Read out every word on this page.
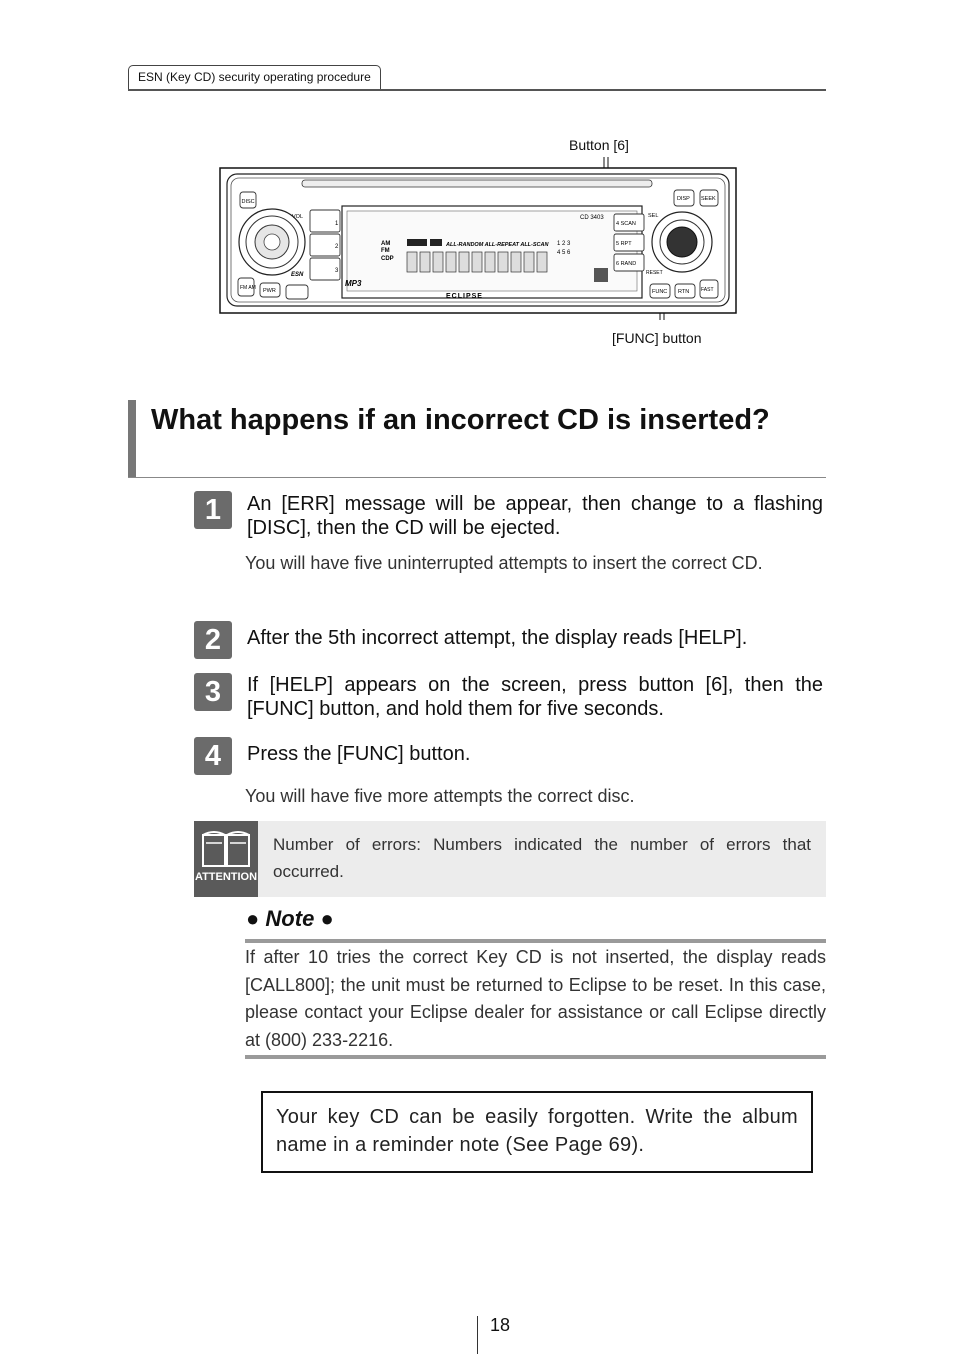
ESN (Key CD) security operating procedure
Button [6]
[FUNC] button
DISC
VOL
ESN
FM AM PWR
1
2
3
CD 3403
AM
FM
CDP
ALL-RANDOM ALL-REPEAT ALL-SCAN 1 2 3
4 5 6
MP3
ECLIPSE
4 SCAN
5 RPT
6 RAND
SEL
RESET
DISP SEEK
FUNC RTN FAST
What happens if an incorrect CD is inserted?
1	An [ERR] message will be appear, then change to a flashing [DISC], then the CD will be ejected.
You will have five uninterrupted attempts to insert the correct CD.
2	After the 5th incorrect attempt, the display reads [HELP].
3	If [HELP] appears on the screen, press button [6], then the [FUNC] button, and hold them for five seconds.
4	Press the [FUNC] button.
You will have five more attempts the correct disc.
ATTENTION
Number of errors: Numbers indicated the number of errors that occurred.
● Note ●
If after 10 tries the correct Key CD is not inserted, the display reads [CALL800]; the unit must be returned to Eclipse to be reset. In this case, please contact your Eclipse dealer for assistance or call Eclipse directly at (800) 233-2216.
Your key CD can be easily forgotten. Write the album name in a reminder note (See Page 69).
18
